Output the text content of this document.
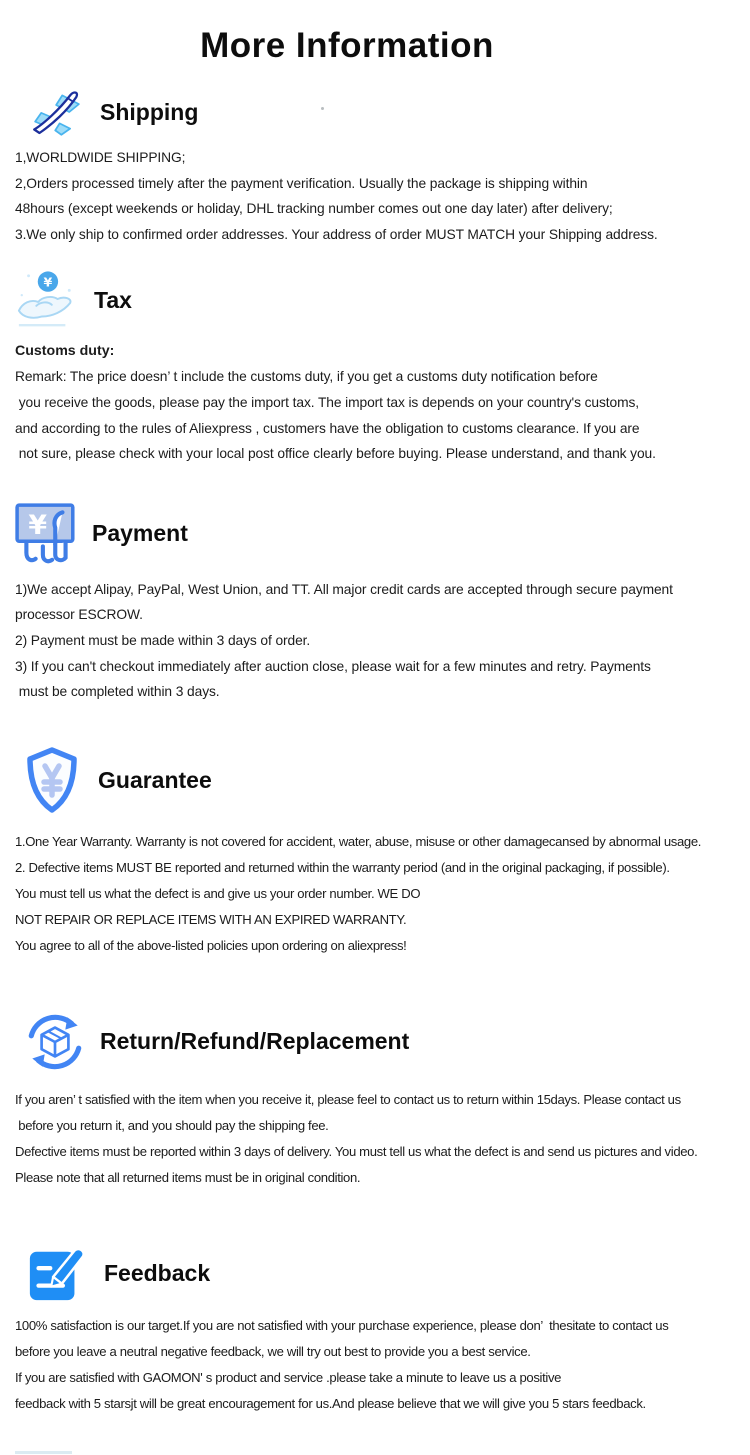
More Information
Shipping

1,WORLDWIDE SHIPPING;

2,Orders processed timely after the payment verification. Usually the package is shipping within

48hours (except weekends or holiday, DHL tracking number comes out one day later) after delivery;

3.We only ship to confirmed order addresses. Your address of order MUST MATCH your Shipping address.

¥
Tax

Customs duty:

Remark: The price doesn’ t include the customs duty, if you get a customs duty notification before

you receive the goods, please pay the import tax. The import tax is depends on your country's customs,

and according to the rules of Aliexpress , customers have the obligation to customs clearance. If you are

not sure, please check with your local post office clearly before buying. Please understand, and thank you.

¥ Payment

1)We accept Alipay, PayPal, West Union, and TT. All major credit cards are accepted through secure payment

processor ESCROW.

2) Payment must be made within 3 days of order.

3) If you can't checkout immediately after auction close, please wait for a few minutes and retry. Payments

must be completed within 3 days.

Guarantee

1.One Year Warranty. Warranty is not covered for accident, water, abuse, misuse or other damagecansed by abnormal usage.

2. Defective items MUST BE reported and returned within the warranty period (and in the original packaging, if possible).

You must tell us what the defect is and give us your order number. WE DO

NOT REPAIR OR REPLACE ITEMS WITH AN EXPIRED WARRANTY.

You agree to all of the above-listed policies upon ordering on aliexpress!

Return/Refund/Replacement

If you aren’ t satisfied with the item when you receive it, please feel to contact us to return within 15days. Please contact us

before you return it, and you should pay the shipping fee.

Defective items must be reported within 3 days of delivery. You must tell us what the defect is and send us pictures and video.

Please note that all returned items must be in original condition.

Feedback

100% satisfaction is our target.If you are not satisfied with your purchase experience, please don’  thesitate to contact us

before you leave a neutral negative feedback, we will try out best to provide you a best service.

If you are satisfied with GAOMON' s product and service .please take a minute to leave us a positive

feedback with 5 starsjt will be great encouragement for us.And please believe that we will give you 5 stars feedback.
